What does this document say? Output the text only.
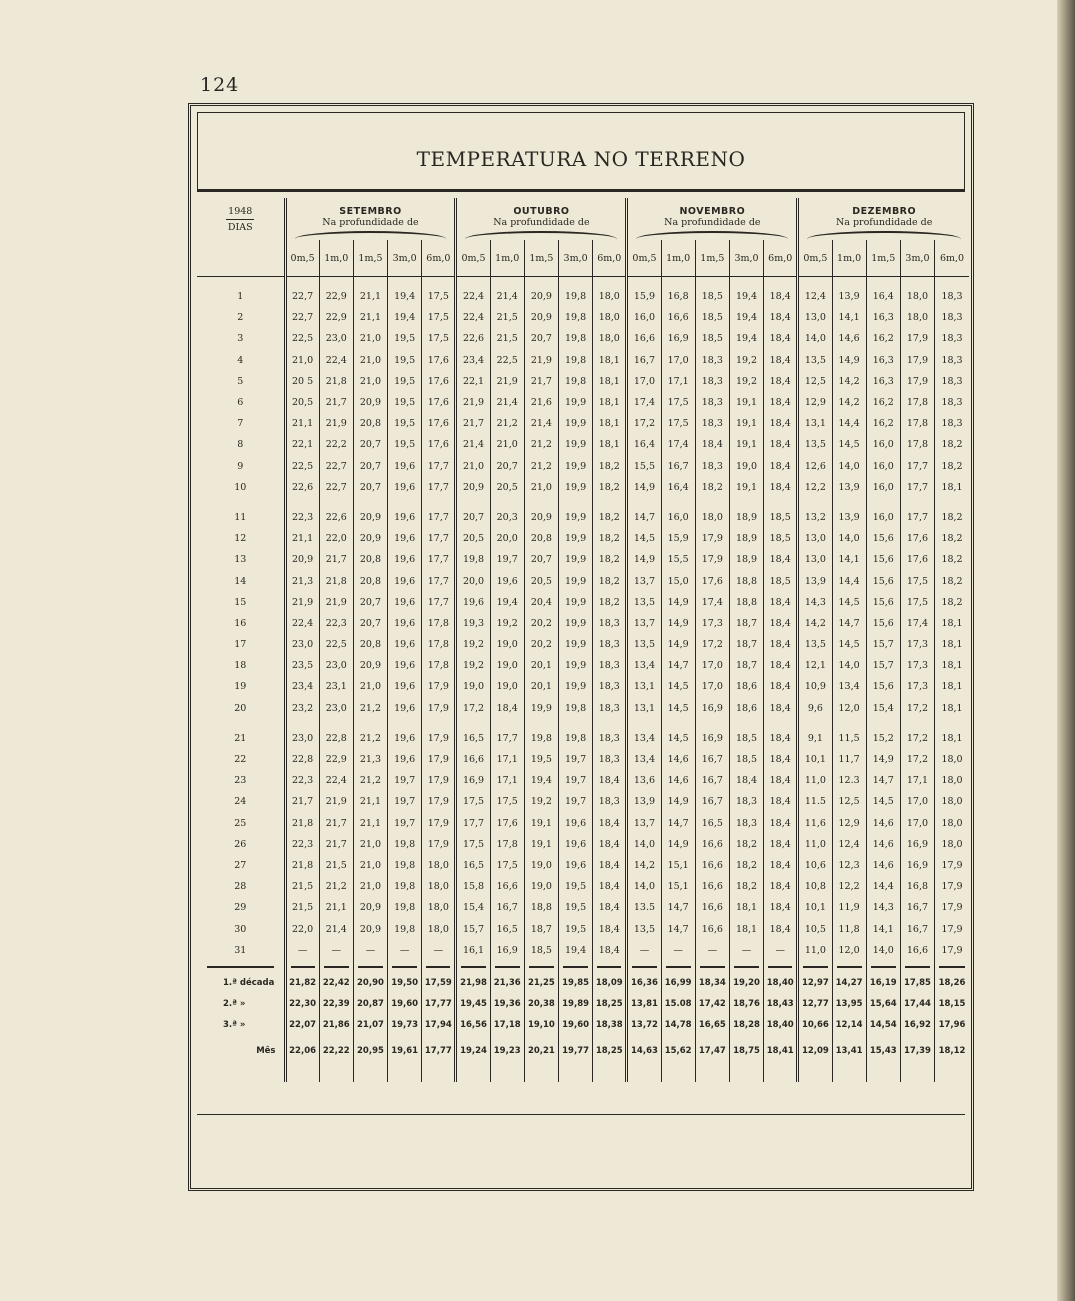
124
TEMPERATURA NO TERRENO
1948
DIAS	SETEMBRO					OUTUBRO					NOVEMBRO					DEZEMBRO				
	Na profundidade de					Na profundidade de					Na profundidade de					Na profundidade de				

	0m,5	1m,0	1m,5	3m,0	6m,0	0m,5	1m,0	1m,5	3m,0	6m,0	0m,5	1m,0	1m,5	3m,0	6m,0	0m,5	1m,0	1m,5	3m,0	6m,0

1	22,7	22,9	21,1	19,4	17,5	22,4	21,4	20,9	19,8	18,0	15,9	16,8	18,5	19,4	18,4	12,4	13,9	16,4	18,0	18,3
2	22,7	22,9	21,1	19,4	17,5	22,4	21,5	20,9	19,8	18,0	16,0	16,6	18,5	19,4	18,4	13,0	14,1	16,3	18,0	18,3
3	22,5	23,0	21,0	19,5	17,5	22,6	21,5	20,7	19,8	18,0	16,6	16,9	18,5	19,4	18,4	14,0	14,6	16,2	17,9	18,3
4	21,0	22,4	21,0	19,5	17,6	23,4	22,5	21,9	19,8	18,1	16,7	17,0	18,3	19,2	18,4	13,5	14,9	16,3	17,9	18,3
5	20 5	21,8	21,0	19,5	17,6	22,1	21,9	21,7	19,8	18,1	17,0	17,1	18,3	19,2	18,4	12,5	14,2	16,3	17,9	18,3
6	20,5	21,7	20,9	19,5	17,6	21,9	21,4	21,6	19,9	18,1	17,4	17,5	18,3	19,1	18,4	12,9	14,2	16,2	17,8	18,3
7	21,1	21,9	20,8	19,5	17,6	21,7	21,2	21,4	19,9	18,1	17,2	17,5	18,3	19,1	18,4	13,1	14,4	16,2	17,8	18,3
8	22,1	22,2	20,7	19,5	17,6	21,4	21,0	21,2	19,9	18,1	16,4	17,4	18,4	19,1	18,4	13,5	14,5	16,0	17,8	18,2
9	22,5	22,7	20,7	19,6	17,7	21,0	20,7	21,2	19,9	18,2	15,5	16,7	18,3	19,0	18,4	12,6	14,0	16,0	17,7	18,2
10	22,6	22,7	20,7	19,6	17,7	20,9	20,5	21,0	19,9	18,2	14,9	16,4	18,2	19,1	18,4	12,2	13,9	16,0	17,7	18,1

11	22,3	22,6	20,9	19,6	17,7	20,7	20,3	20,9	19,9	18,2	14,7	16,0	18,0	18,9	18,5	13,2	13,9	16,0	17,7	18,2
12	21,1	22,0	20,9	19,6	17,7	20,5	20,0	20,8	19,9	18,2	14,5	15,9	17,9	18,9	18,5	13,0	14,0	15,6	17,6	18,2
13	20,9	21,7	20,8	19,6	17,7	19,8	19,7	20,7	19,9	18,2	14,9	15,5	17,9	18,9	18,4	13,0	14,1	15,6	17,6	18,2
14	21,3	21,8	20,8	19,6	17,7	20,0	19,6	20,5	19,9	18,2	13,7	15,0	17,6	18,8	18,5	13,9	14,4	15,6	17,5	18,2
15	21,9	21,9	20,7	19,6	17,7	19,6	19,4	20,4	19,9	18,2	13,5	14,9	17,4	18,8	18,4	14,3	14,5	15,6	17,5	18,2
16	22,4	22,3	20,7	19,6	17,8	19,3	19,2	20,2	19,9	18,3	13,7	14,9	17,3	18,7	18,4	14,2	14,7	15,6	17,4	18,1
17	23,0	22,5	20,8	19,6	17,8	19,2	19,0	20,2	19,9	18,3	13,5	14,9	17,2	18,7	18,4	13,5	14,5	15,7	17,3	18,1
18	23,5	23,0	20,9	19,6	17,8	19,2	19,0	20,1	19,9	18,3	13,4	14,7	17,0	18,7	18,4	12,1	14,0	15,7	17,3	18,1
19	23,4	23,1	21,0	19,6	17,9	19,0	19,0	20,1	19,9	18,3	13,1	14,5	17,0	18,6	18,4	10,9	13,4	15,6	17,3	18,1
20	23,2	23,0	21,2	19,6	17,9	17,2	18,4	19,9	19,8	18,3	13,1	14,5	16,9	18,6	18,4	9,6	12,0	15,4	17,2	18,1

21	23,0	22,8	21,2	19,6	17,9	16,5	17,7	19,8	19,8	18,3	13,4	14,5	16,9	18,5	18,4	9,1	11,5	15,2	17,2	18,1
22	22,8	22,9	21,3	19,6	17,9	16,6	17,1	19,5	19,7	18,3	13,4	14,6	16,7	18,5	18,4	10,1	11,7	14,9	17,2	18,0
23	22,3	22,4	21,2	19,7	17,9	16,9	17,1	19,4	19,7	18,4	13,6	14,6	16,7	18,4	18,4	11,0	12.3	14,7	17,1	18,0
24	21,7	21,9	21,1	19,7	17,9	17,5	17,5	19,2	19,7	18,3	13,9	14,9	16,7	18,3	18,4	11.5	12,5	14,5	17,0	18,0
25	21,8	21,7	21,1	19,7	17,9	17,7	17,6	19,1	19,6	18,4	13,7	14,7	16,5	18,3	18,4	11,6	12,9	14,6	17,0	18,0
26	22,3	21,7	21,0	19,8	17,9	17,5	17,8	19,1	19,6	18,4	14,0	14,9	16,6	18,2	18,4	11,0	12,4	14,6	16,9	18,0
27	21,8	21,5	21,0	19,8	18,0	16,5	17,5	19,0	19,6	18,4	14,2	15,1	16,6	18,2	18,4	10,6	12,3	14,6	16,9	17,9
28	21,5	21,2	21,0	19,8	18,0	15,8	16,6	19,0	19,5	18,4	14,0	15,1	16,6	18,2	18,4	10,8	12,2	14,4	16,8	17,9
29	21,5	21,1	20,9	19,8	18,0	15,4	16,7	18,8	19,5	18,4	13.5	14,7	16,6	18,1	18,4	10,1	11,9	14,3	16,7	17,9
30	22,0	21,4	20,9	19,8	18,0	15,7	16,5	18,7	19,5	18,4	13,5	14,7	16,6	18,1	18,4	10,5	11,8	14,1	16,7	17,9
31	—	—	—	—	—	16,1	16,9	18,5	19,4	18,4	—	—	—	—	—	11,0	12,0	14,0	16,6	17,9

1.ª década	21,82	22,42	20,90	19,50	17,59	21,98	21,36	21,25	19,85	18,09	16,36	16,99	18,34	19,20	18,40	12,97	14,27	16,19	17,85	18,26
2.ª »	22,30	22,39	20,87	19,60	17,77	19,45	19,36	20,38	19,89	18,25	13,81	15.08	17,42	18,76	18,43	12,77	13,95	15,64	17,44	18,15
3.ª »	22,07	21,86	21,07	19,73	17,94	16,56	17,18	19,10	19,60	18,38	13,72	14,78	16,65	18,28	18,40	10,66	12,14	14,54	16,92	17,96
Mês	22,06	22,22	20,95	19,61	17,77	19,24	19,23	20,21	19,77	18,25	14,63	15,62	17,47	18,75	18,41	12,09	13,41	15,43	17,39	18,12
